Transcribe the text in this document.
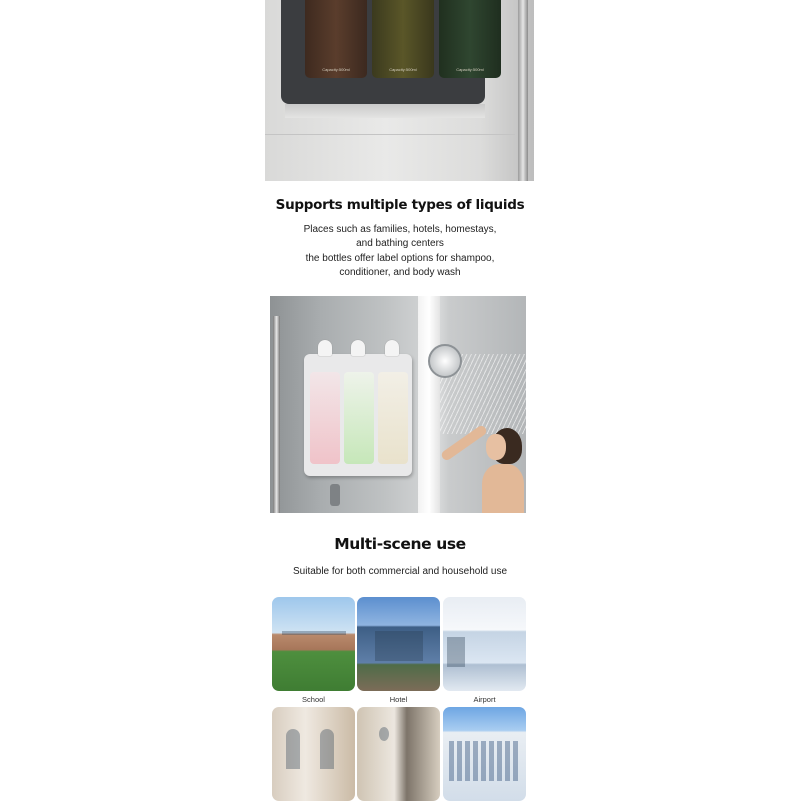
Capacity:500ml	Capacity:500ml	Capacity:500ml
Supports multiple types of liquids
Places such as families, hotels, homestays,
and bathing centers
the bottles offer label options for shampoo,
conditioner, and body wash
Multi-scene use
Suitable for both commercial and household use
School	Hotel	Airport
